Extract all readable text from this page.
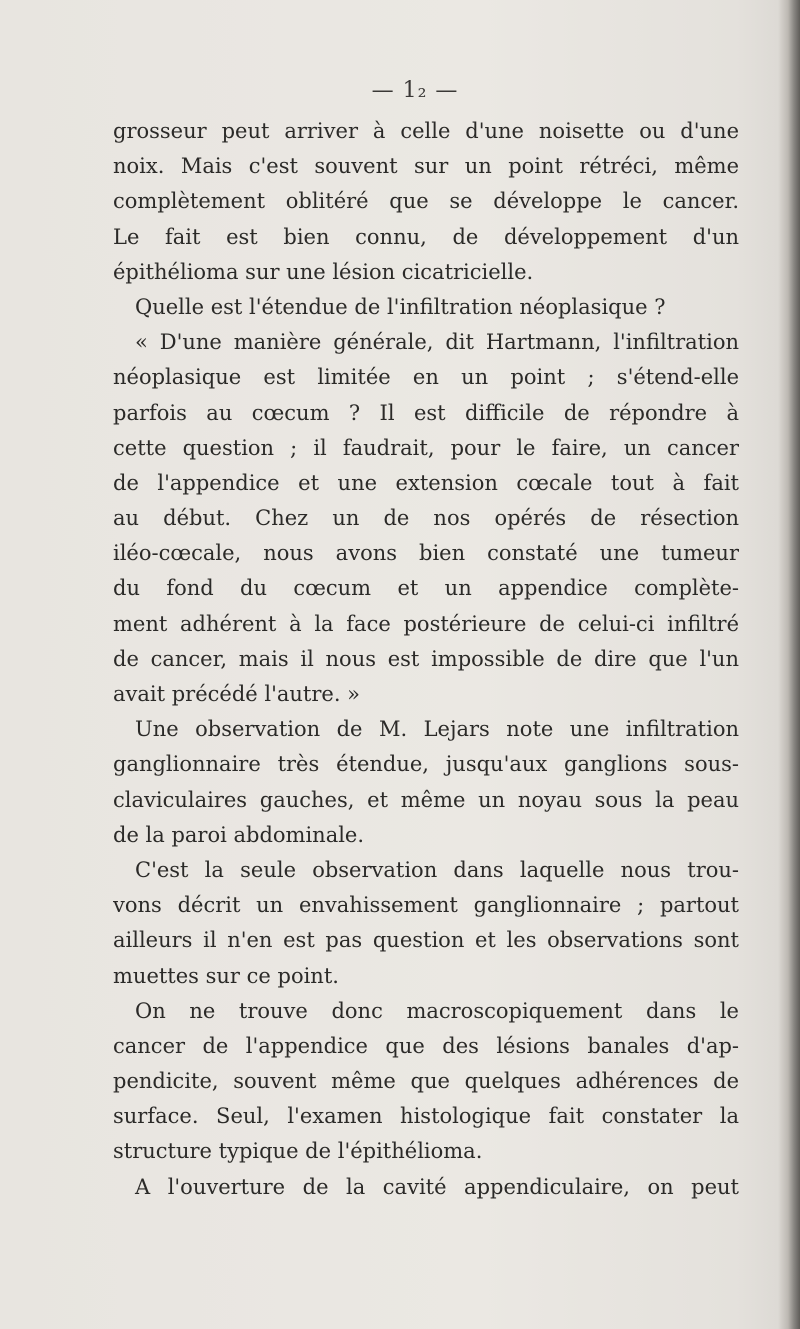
— 1₂ —
grosseur peut arriver à celle d'une noisette ou d'une
noix. Mais c'est souvent sur un point rétréci, même
complètement oblitéré que se développe le cancer.
Le fait est bien connu, de développement d'un
épithélioma sur une lésion cicatricielle.
Quelle est l'étendue de l'infiltration néoplasique ?
« D'une manière générale, dit Hartmann, l'infiltration
néoplasique est limitée en un point ; s'étend-elle
parfois au cœcum ? Il est difficile de répondre à
cette question ; il faudrait, pour le faire, un cancer
de l'appendice et une extension cœcale tout à fait
au début. Chez un de nos opérés de résection
iléo-cœcale, nous avons bien constaté une tumeur
du fond du cœcum et un appendice complète-
ment adhérent à la face postérieure de celui-ci infiltré
de cancer, mais il nous est impossible de dire que l'un
avait précédé l'autre. »
Une observation de M. Lejars note une infiltration
ganglionnaire très étendue, jusqu'aux ganglions sous-
claviculaires gauches, et même un noyau sous la peau
de la paroi abdominale.
C'est la seule observation dans laquelle nous trou-
vons décrit un envahissement ganglionnaire ; partout
ailleurs il n'en est pas question et les observations sont
muettes sur ce point.
On ne trouve donc macroscopiquement dans le
cancer de l'appendice que des lésions banales d'ap-
pendicite, souvent même que quelques adhérences de
surface. Seul, l'examen histologique fait constater la
structure typique de l'épithélioma.
A l'ouverture de la cavité appendiculaire, on peut
